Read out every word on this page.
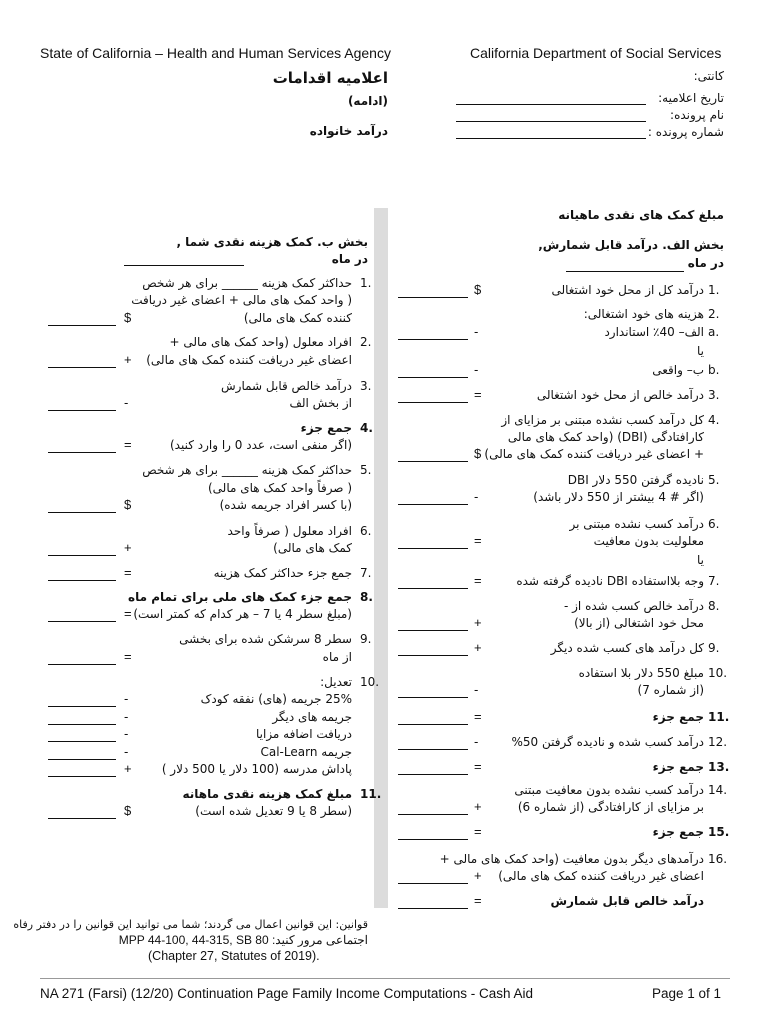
State of California – Health and Human Services Agency	California Department of Social Services
اعلامیه اقدامات
(ادامه)
درآمد خانواده
کانتی:
تاریخ اعلامیه:
نام پرونده:
شماره پرونده :
مبلغ کمک های نقدی ماهیانه
بخش الف. درآمد قابل شمارش,
در ماه
1.
درآمد کل از محل خود اشتغالی
$
2.
هزینه های خود اشتغالی:
a.
الف– 40٪ استاندارد
-
یا
b.
ب– واقعی
-
3.
درآمد خالص از محل خود اشتغالی
=
4.
کل درآمد کسب نشده مبتنی بر مزایای از
کارافتادگی (DBI) (واحد کمک های مالی
+ اعضای غیر دریافت کننده کمک های مالی)
$
5.
نادیده گرفتن 550 دلار DBI
(اگر # 4 بیشتر از 550 دلار باشد)
-
6.
درآمد کسب نشده مبتنی بر
معلولیت بدون معافیت
=
یا
7.
وجه بلااستفاده DBI نادیده گرفته شده
=
8.
درآمد خالص کسب شده از -
محل خود اشتغالی (از بالا)
+
9.
کل درآمد های کسب شده دیگر
+
10.
مبلغ 550 دلار بلا استفاده
(از شماره 7)
-
11.
جمع جزء
=
12.
درآمد کسب شده و نادیده گرفتن 50%
-
13.
جمع جزء
=
14.
درآمد کسب نشده بدون معافیت مبتنی
بر مزایای از کارافتادگی (از شماره 6)
+
15.
جمع جزء
=
16.
درآمدهای دیگر بدون معافیت (واحد کمک های مالی +
اعضای غیر دریافت کننده کمک های مالی)
+
درآمد خالص قابل شمارش
=
بخش ب. کمک هزینه نقدی شما ,
در ماه
1.
حداکثر کمک هزینه ______ برای هر شخص
( واحد کمک های مالی + اعضای غیر دریافت
کننده کمک های مالی)
$
2.
افراد معلول (واحد کمک های مالی +
اعضای غیر دریافت کننده کمک های مالی)
+
3.
درآمد خالص قابل شمارش
از بخش الف
-
4.
جمع جزء
(اگر منفی است، عدد 0 را وارد کنید)
=
5.
حداکثر کمک هزینه ______ برای هر شخص
( صرفاً واحد کمک های مالی)
(با کسر افراد جریمه شده)
$
6.
افراد معلول ( صرفاً واحد
کمک های مالی)
+
7.
جمع جزء حداکثر کمک هزینه
=
8.
جمع جزء کمک های ملی برای تمام ماه
(مبلغ سطر 4 یا 7 – هر کدام که کمتر است)
=
9.
سطر 8 سرشکن شده برای بخشی
از ماه
=
10.
تعدیل:
25% جریمه (های) نفقه کودک
-
جریمه های دیگر
-
دریافت اضافه مزایا
-
جریمه Cal-Learn
-
پاداش مدرسه (100 دلار یا 500 دلار )
+
11.
مبلغ کمک هزینه نقدی ماهانه
(سطر 8 یا 9 تعدیل شده است)
$
قوانین: این قوانین اعمال می گردند؛ شما می توانید این قوانین را در دفتر رفاه
اجتماعی مرور کنید: MPP 44-100, 44-315, SB 80
(Chapter 27, Statutes of 2019).
NA 271 (Farsi) (12/20) Continuation Page Family Income Computations - Cash Aid	Page 1 of 1
